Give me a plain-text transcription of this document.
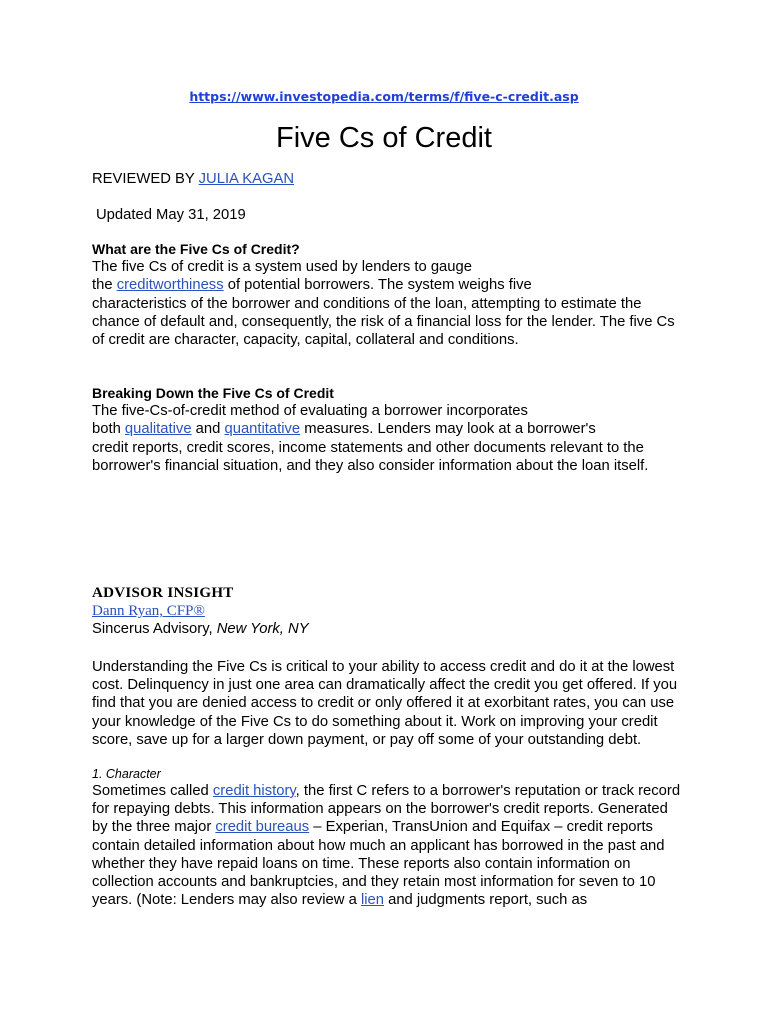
https://www.investopedia.com/terms/f/five-c-credit.asp
Five Cs of Credit
REVIEWED BY JULIA KAGAN
Updated May 31, 2019

What are the Five Cs of Credit?

The five Cs of credit is a system used by lenders to gauge

the creditworthiness of potential borrowers. The system weighs five

characteristics of the borrower and conditions of the loan, attempting to estimate the chance of default and, consequently, the risk of a financial loss for the lender. The five Cs of credit are character, capacity, capital, collateral and conditions.

Breaking Down the Five Cs of Credit

The five-Cs-of-credit method of evaluating a borrower incorporates

both qualitative and quantitative measures. Lenders may look at a borrower's

credit reports, credit scores, income statements and other documents relevant to the borrower's financial situation, and they also consider information about the loan itself.

ADVISOR INSIGHT

Dann Ryan, CFP®

Sincerus Advisory, New York, NY

Understanding the Five Cs is critical to your ability to access credit and do it at the lowest cost. Delinquency in just one area can dramatically affect the credit you get offered. If you find that you are denied access to credit or only offered it at exorbitant rates, you can use your knowledge of the Five Cs to do something about it. Work on improving your credit score, save up for a larger down payment, or pay off some of your outstanding debt.

1. Character

Sometimes called credit history, the first C refers to a borrower's reputation or track record for repaying debts. This information appears on the borrower's credit reports. Generated by the three major credit bureaus – Experian, TransUnion and Equifax – credit reports contain detailed information about how much an applicant has borrowed in the past and whether they have repaid loans on time. These reports also contain information on collection accounts and bankruptcies, and they retain most information for seven to 10 years. (Note: Lenders may also review a lien and judgments report, such as
